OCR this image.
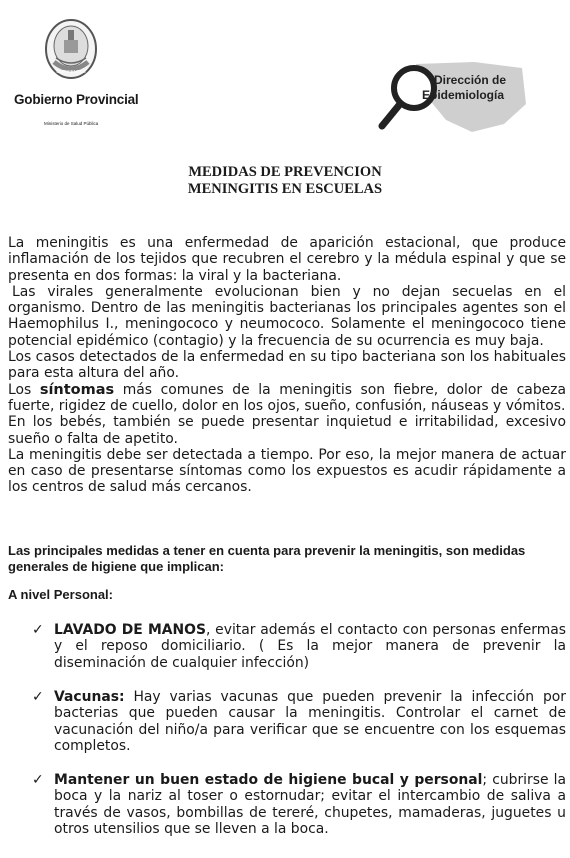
CORRIENTES
Gobierno Provincial
Ministerio de Salud Pública
Dirección de
Epidemiología
MEDIDAS DE PREVENCION
MENINGITIS EN ESCUELAS
La meningitis es una enfermedad de aparición estacional, que produce inflamación de los tejidos que recubren el cerebro y la médula espinal y que se presenta en dos formas: la viral y la bacteriana.
Las virales generalmente evolucionan bien y no dejan secuelas en el organismo. Dentro de las meningitis bacterianas los principales agentes son el Haemophilus I., meningococo y neumococo. Solamente el meningococo tiene potencial epidémico (contagio) y la frecuencia de su ocurrencia es muy baja.
Los casos detectados de la enfermedad en su tipo bacteriana son los habituales para esta altura del año.
Los síntomas más comunes de la meningitis son fiebre, dolor de cabeza fuerte, rigidez de cuello, dolor en los ojos, sueño, confusión, náuseas y vómitos.
En los bebés, también se puede presentar inquietud e irritabilidad, excesivo sueño o falta de apetito.
La meningitis debe ser detectada a tiempo. Por eso, la mejor manera de actuar en caso de presentarse síntomas como los expuestos es acudir rápidamente a los centros de salud más cercanos.
Las principales medidas a tener en cuenta para prevenir la meningitis, son medidas generales de higiene que implican:
A nivel Personal:
✓ LAVADO DE MANOS, evitar además el contacto con personas enfermas y el reposo domiciliario. ( Es la mejor manera de prevenir la diseminación de cualquier infección)
✓ Vacunas: Hay varias vacunas que pueden prevenir la infección por bacterias que pueden causar la meningitis. Controlar el carnet de vacunación del niño/a para verificar que se encuentre con los esquemas completos.
✓ Mantener un buen estado de higiene bucal y personal; cubrirse la boca y la nariz al toser o estornudar; evitar el intercambio de saliva a través de vasos, bombillas de tereré, chupetes, mamaderas, juguetes u otros utensilios que se lleven a la boca.
